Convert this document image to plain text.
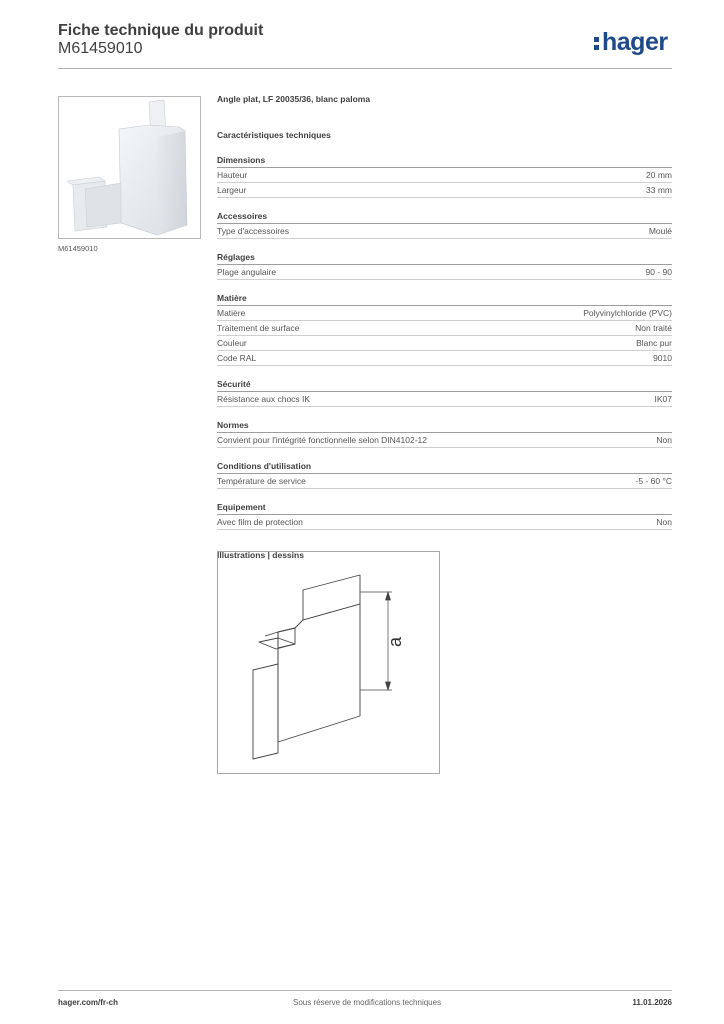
Fiche technique du produit
M61459010	hager
M61459010
Angle plat, LF 20035/36, blanc paloma
Caractéristiques techniques
Dimensions
Hauteur	20 mm
Largeur	33 mm
Accessoires
Type d'accessoires	Moulé
Réglages
Plage angulaire	90 - 90
Matière
Matière	Polyvinylchloride (PVC)
Traitement de surface	Non traité
Couleur	Blanc pur
Code RAL	9010
Sécurité
Résistance aux chocs IK	IK07
Normes
Convient pour l'intégrité fonctionnelle selon DIN4102-12	Non
Conditions d'utilisation
Température de service	-5 - 60 °C
Equipement
Avec film de protection	Non
Illustrations | dessins
a
hager.com/fr-ch	Sous réserve de modifications techniques	11.01.2026
